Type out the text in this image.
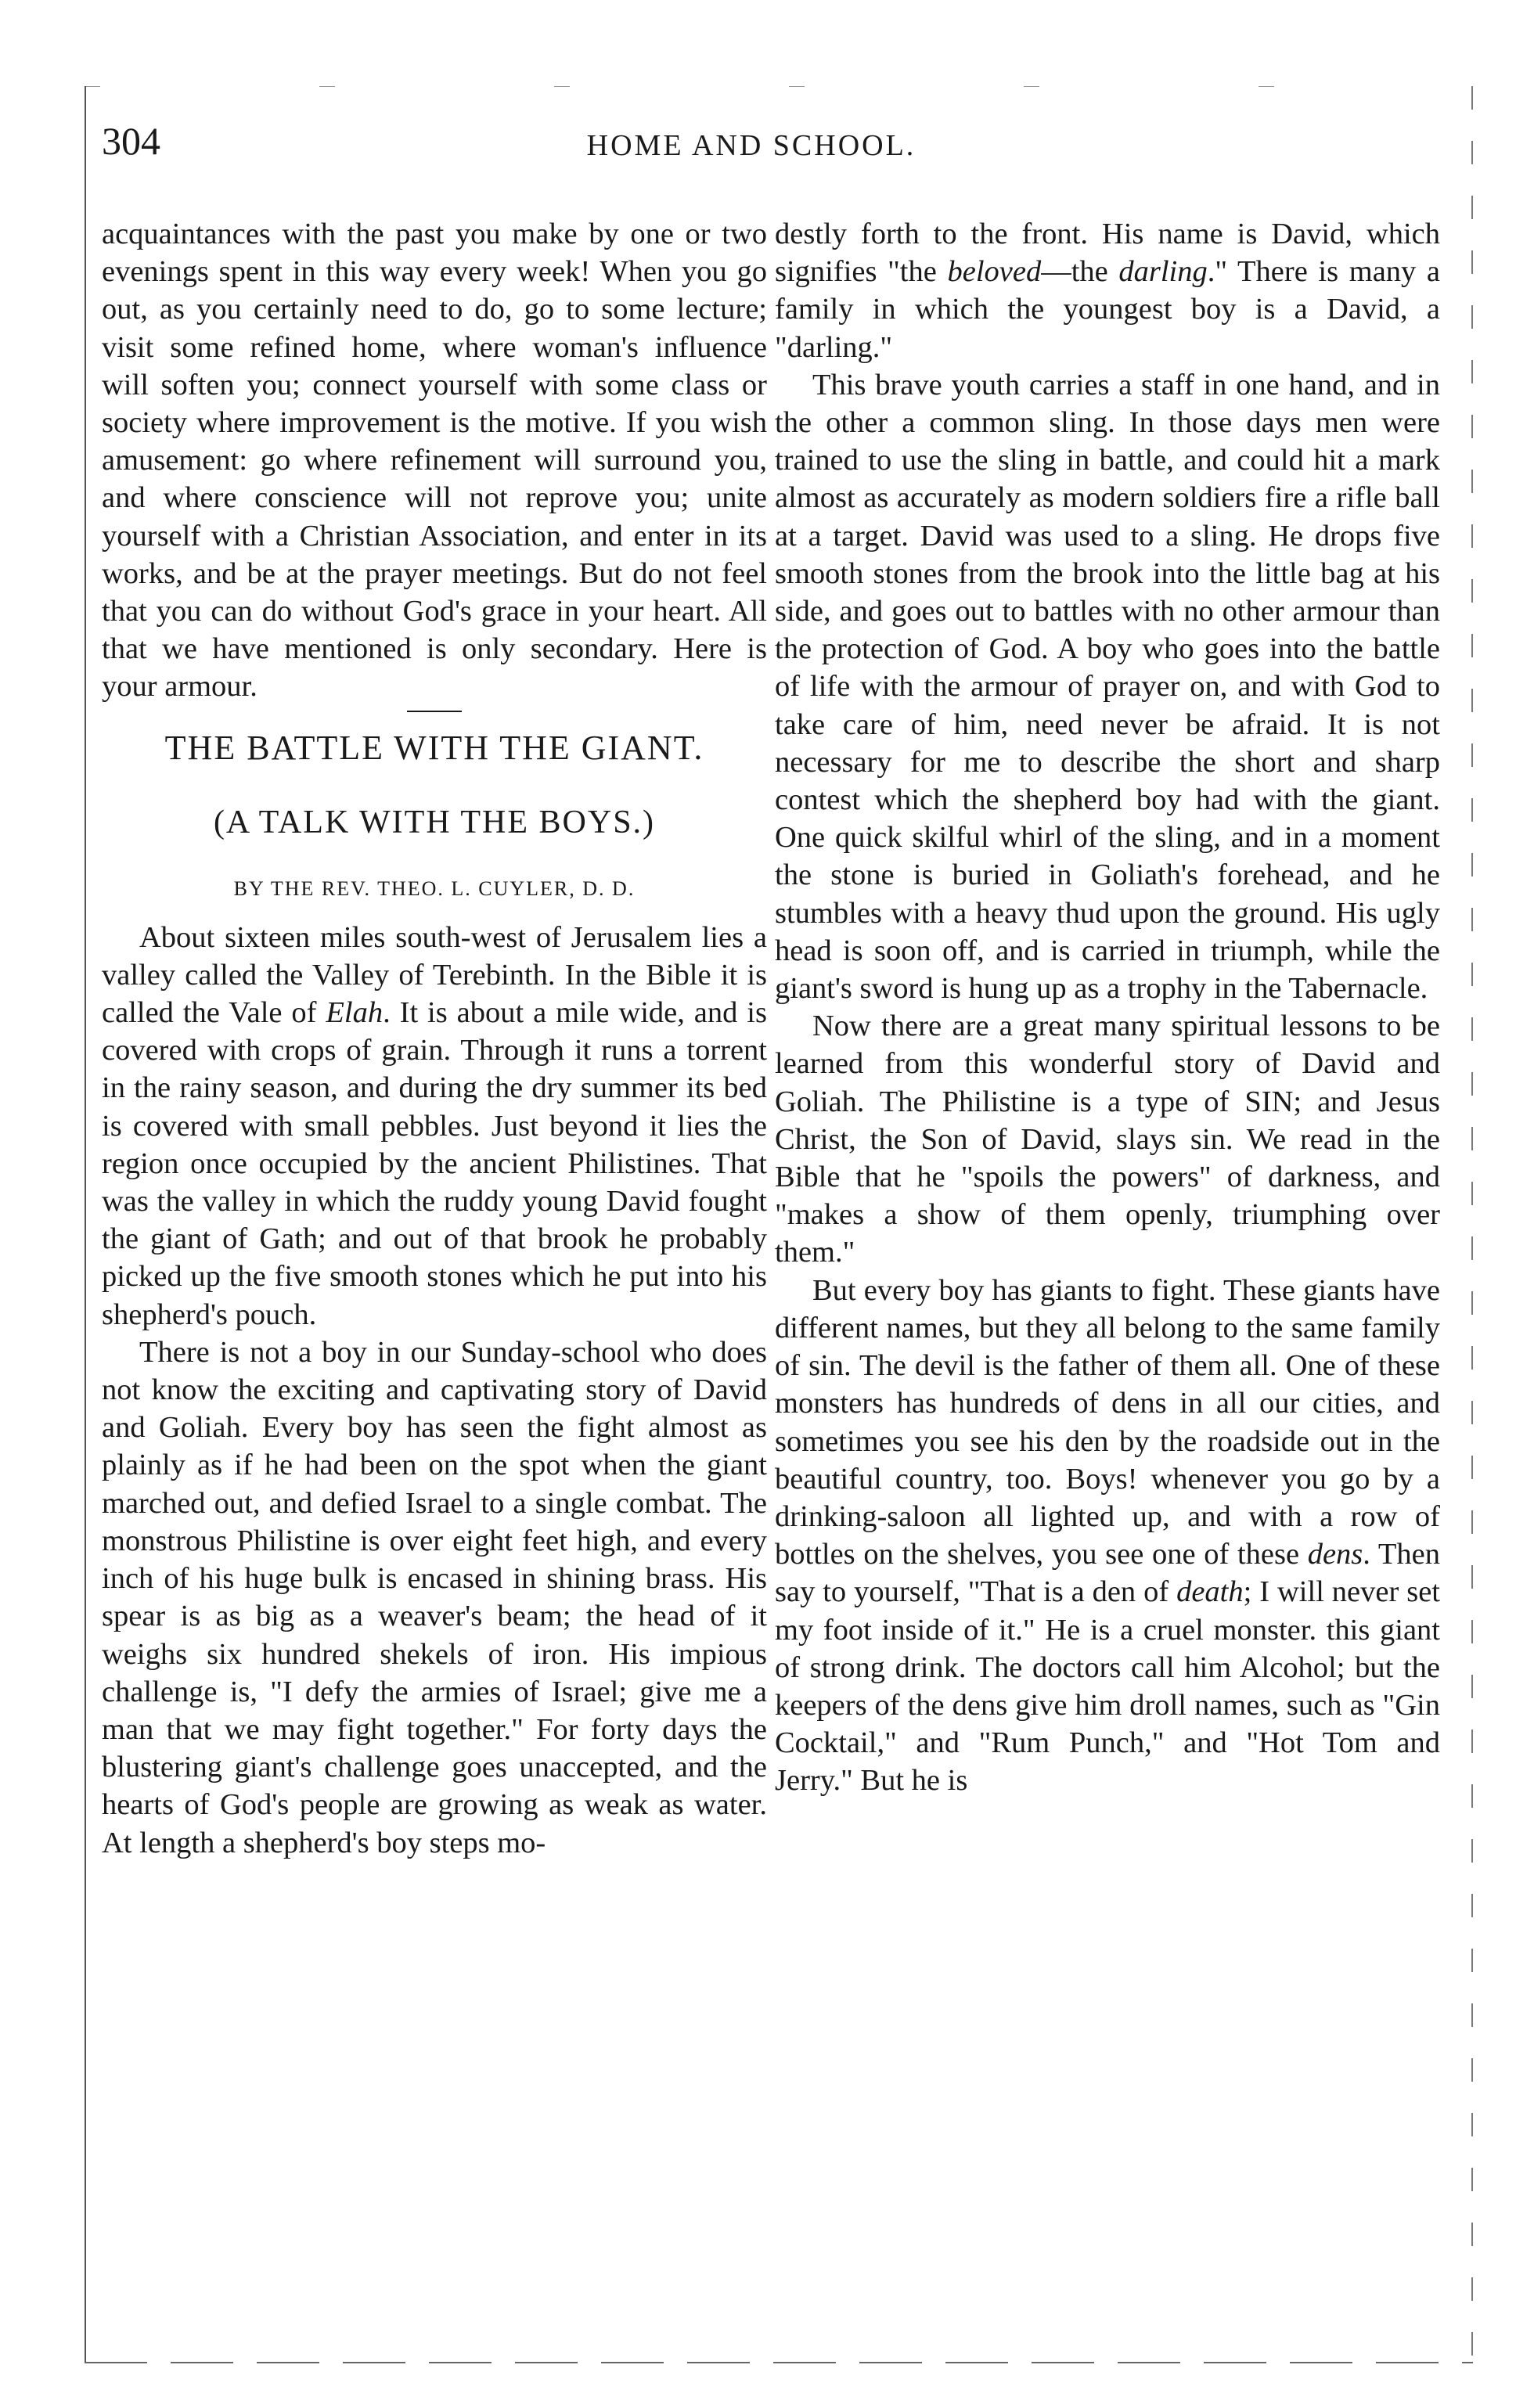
304	HOME AND SCHOOL.

acquaintances with the past you make by one or two evenings spent in this way every week! When you go out, as you certainly need to do, go to some lecture; visit some refined home, where woman's influence will soften you; connect yourself with some class or society where improvement is the motive. If you wish amusement: go where refinement will surround you, and where conscience will not reprove you; unite yourself with a Christian Association, and enter in its works, and be at the prayer meetings. But do not feel that you can do without God's grace in your heart. All that we have mentioned is only secondary. Here is your armour.

THE BATTLE WITH THE GIANT.
(A TALK WITH THE BOYS.)
BY THE REV. THEO. L. CUYLER, D. D.

About sixteen miles south-west of Jerusalem lies a valley called the Valley of Terebinth. In the Bible it is called the Vale of Elah. It is about a mile wide, and is covered with crops of grain. Through it runs a torrent in the rainy season, and during the dry summer its bed is covered with small pebbles. Just beyond it lies the region once occupied by the ancient Philistines. That was the valley in which the ruddy young David fought the giant of Gath; and out of that brook he probably picked up the five smooth stones which he put into his shepherd's pouch.

There is not a boy in our Sunday-school who does not know the exciting and captivating story of David and Goliah. Every boy has seen the fight almost as plainly as if he had been on the spot when the giant marched out, and defied Israel to a single combat. The monstrous Philistine is over eight feet high, and every inch of his huge bulk is encased in shining brass. His spear is as big as a weaver's beam; the head of it weighs six hundred shekels of iron. His impious challenge is, "I defy the armies of Israel; give me a man that we may fight together." For forty days the blustering giant's challenge goes unaccepted, and the hearts of God's people are growing as weak as water. At length a shepherd's boy steps mo-

destly forth to the front. His name is David, which signifies "the beloved—the darling." There is many a family in which the youngest boy is a David, a "darling."

This brave youth carries a staff in one hand, and in the other a common sling. In those days men were trained to use the sling in battle, and could hit a mark almost as accurately as modern soldiers fire a rifle ball at a target. David was used to a sling. He drops five smooth stones from the brook into the little bag at his side, and goes out to battles with no other armour than the protection of God. A boy who goes into the battle of life with the armour of prayer on, and with God to take care of him, need never be afraid. It is not necessary for me to describe the short and sharp contest which the shepherd boy had with the giant. One quick skilful whirl of the sling, and in a moment the stone is buried in Goliath's forehead, and he stumbles with a heavy thud upon the ground. His ugly head is soon off, and is carried in triumph, while the giant's sword is hung up as a trophy in the Tabernacle.

Now there are a great many spiritual lessons to be learned from this wonderful story of David and Goliah. The Philistine is a type of SIN; and Jesus Christ, the Son of David, slays sin. We read in the Bible that he "spoils the powers" of darkness, and "makes a show of them openly, triumphing over them."

But every boy has giants to fight. These giants have different names, but they all belong to the same family of sin. The devil is the father of them all. One of these monsters has hundreds of dens in all our cities, and sometimes you see his den by the roadside out in the beautiful country, too. Boys! whenever you go by a drinking-saloon all lighted up, and with a row of bottles on the shelves, you see one of these dens. Then say to yourself, "That is a den of death; I will never set my foot inside of it." He is a cruel monster. this giant of strong drink. The doctors call him Alcohol; but the keepers of the dens give him droll names, such as "Gin Cocktail," and "Rum Punch," and "Hot Tom and Jerry." But he is
